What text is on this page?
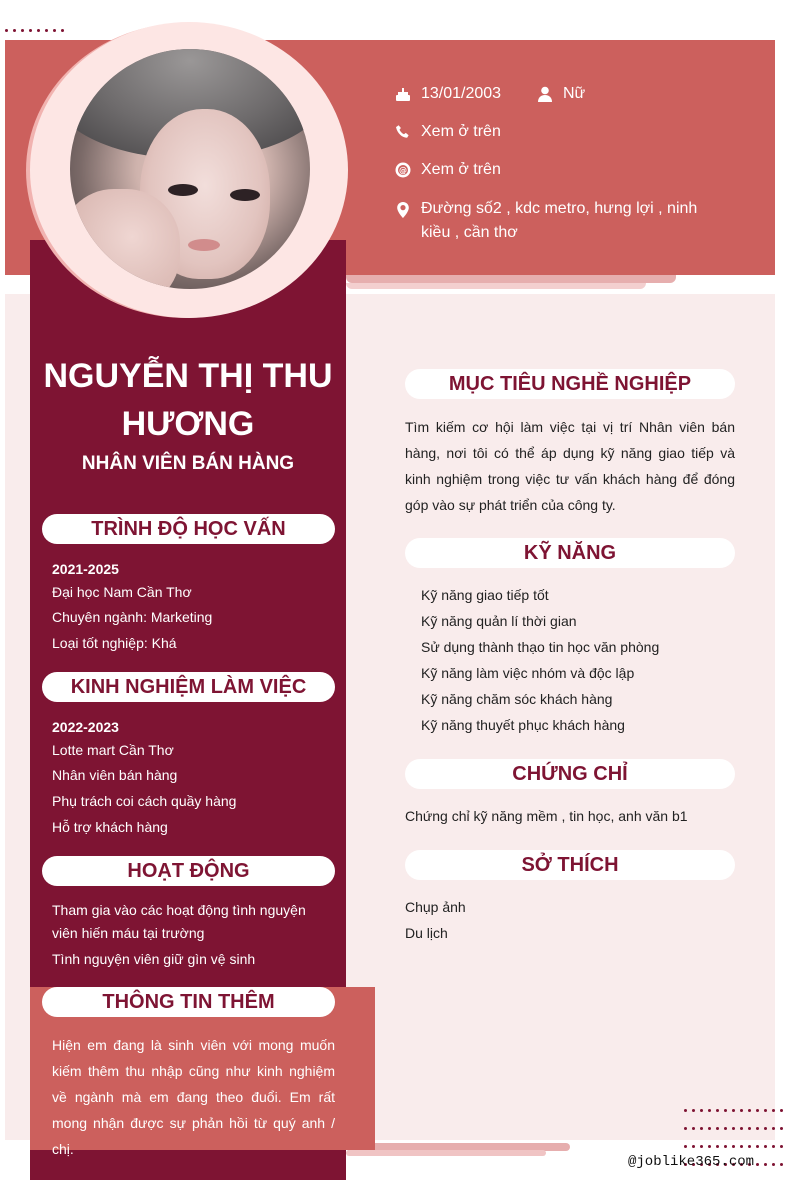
NGUYỄN THỊ THU HƯƠNG
NHÂN VIÊN BÁN HÀNG
13/01/2003	Nữ
Xem ở trên
@ Xem ở trên
Đường số2 , kdc metro, hưng lợi , ninh kiều , cần thơ
TRÌNH ĐỘ HỌC VẤN
2021-2025
Đại học Nam Cần Thơ
Chuyên ngành: Marketing
Loại tốt nghiệp: Khá
KINH NGHIỆM LÀM VIỆC
2022-2023
Lotte mart Cần Thơ
Nhân viên bán hàng
Phụ trách coi cách quầy hàng
Hỗ trợ khách hàng
HOẠT ĐỘNG
Tham gia vào các hoạt động tình nguyện viên hiến máu tại trường
Tình nguyện viên giữ gìn vệ sinh
THÔNG TIN THÊM
Hiện em đang là sinh viên với mong muốn kiếm thêm thu nhập cũng như kinh nghiệm về ngành mà em đang theo đuổi. Em rất mong nhận được sự phản hồi từ quý anh / chị.
MỤC TIÊU NGHỀ NGHIỆP
Tìm kiếm cơ hội làm việc tại vị trí Nhân viên bán hàng, nơi tôi có thể áp dụng kỹ năng giao tiếp và kinh nghiệm trong việc tư vấn khách hàng để đóng góp vào sự phát triển của công ty.
KỸ NĂNG
Kỹ năng giao tiếp tốt
Kỹ năng quản lí thời gian
Sử dụng thành thạo tin học văn phòng
Kỹ năng làm việc nhóm và độc lập
Kỹ năng chăm sóc khách hàng
Kỹ năng thuyết phục khách hàng
CHỨNG CHỈ
Chứng chỉ kỹ năng mềm , tin học, anh văn b1
SỞ THÍCH
Chụp ảnh
Du lịch
@joblike365.com
